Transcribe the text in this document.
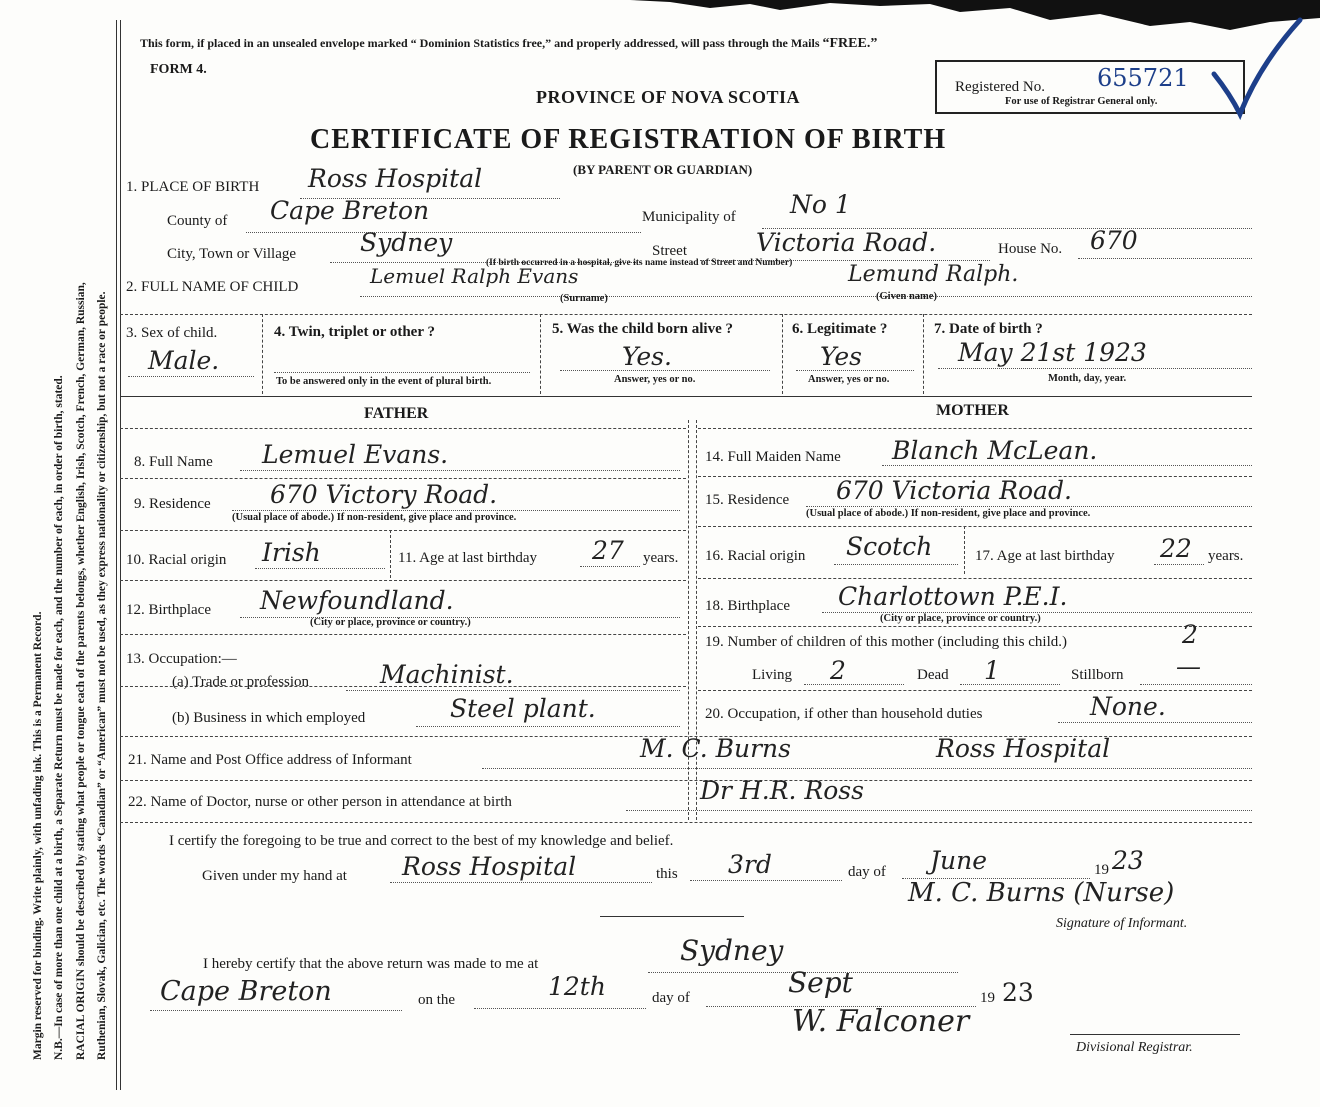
Margin reserved for binding. Write plainly, with unfading ink. This is a Permanent Record. N.B.—In case of more than one child at a birth, a Separate Return must be made for each, and the number of each, in order of birth, stated. RACIAL ORIGIN should be described by stating what people or tongue each of the parents belongs, whether English, Irish, Scotch, French, German, Russian, Ruthenian, Slovak, Galician, etc. The words “Canadian” or “American” must not be used, as they express nationality or citizenship, but not a race or people.
This form, if placed in an unsealed envelope marked “ Dominion Statistics free,” and properly addressed, will pass through the Mails “FREE.”
FORM 4.
PROVINCE OF NOVA SCOTIA
CERTIFICATE OF REGISTRATION OF BIRTH
(BY PARENT OR GUARDIAN)
Registered No. 655721
For use of Registrar General only.
1. PLACE OF BIRTH Ross Hospital
County of Cape Breton	Municipality of No 1
City, Town or Village	Sydney	Street	Victoria Road.	House No. 670
(If birth occurred in a hospital, give its name instead of Street and Number)
2. FULL NAME OF CHILD	Lemuel Ralph Evans
(Surname)
Lemund Ralph.
(Given name)
3. Sex of child.
Male.
4. Twin, triplet or other ?
To be answered only in the event of plural birth.
5. Was the child born alive ?
Yes.
Answer, yes or no.
6. Legitimate ?
Yes
Answer, yes or no.
7. Date of birth ?
May 21st 1923
Month, day, year.
FATHER	MOTHER
8. Full Name Lemuel Evans.
9. Residence 670 Victory Road.
(Usual place of abode.) If non-resident, give place and province.
10. Racial origin Irish	11. Age at last birthday 27 years.
12. Birthplace Newfoundland.
(City or place, province or country.)
13. Occupation:—
(a) Trade or profession	Machinist.
(b) Business in which employed	Steel plant.
14. Full Maiden Name Blanch McLean.
15. Residence 670 Victoria Road.
(Usual place of abode.) If non-resident, give place and province.
16. Racial origin Scotch	17. Age at last birthday 22 years.
18. Birthplace Charlottown P.E.I.
(City or place, province or country.)
19. Number of children of this mother (including this child.)	2
Living 2	Dead 1	Stillborn —
20. Occupation, if other than household duties	None.
21. Name and Post Office address of Informant	M. C. Burns	Ross Hospital
22. Name of Doctor, nurse or other person in attendance at birth	Dr H.R. Ross
I certify the foregoing to be true and correct to the best of my knowledge and belief.
Given under my hand at Ross Hospital	this 3rd	day of June	19 23
M. C. Burns (Nurse)
Signature of Informant.
I hereby certify that the above return was made to me at	Sydney
Cape Breton	on the	12th	day of	Sept	19 23
W. Falconer
Divisional Registrar.
